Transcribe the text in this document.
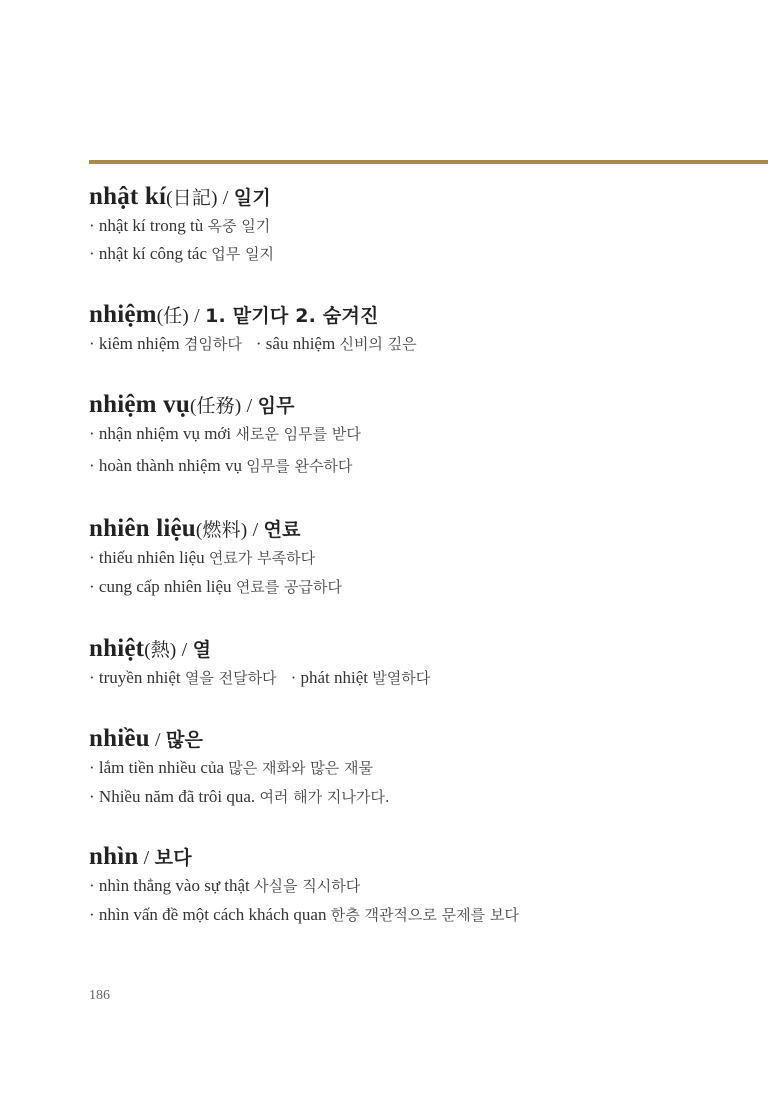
nhật kí(日記) / 일기
· nhật kí trong tù 옥중 일기
· nhật kí công tác 업무 일지
nhiệm(任) / 1. 맡기다 2. 숨겨진
· kiêm nhiệm 겸임하다 · sâu nhiệm 신비의 깊은
nhiệm vụ(任務) / 임무
· nhận nhiệm vụ mới 새로운 임무를 받다
· hoàn thành nhiệm vụ 임무를 완수하다
nhiên liệu(燃料) / 연료
· thiếu nhiên liệu 연료가 부족하다
· cung cấp nhiên liệu 연료를 공급하다
nhiệt(熱) / 열
· truyền nhiệt 열을 전달하다 · phát nhiệt 발열하다
nhiều / 많은
· lắm tiền nhiều của 많은 재화와 많은 재물
· Nhiều năm đã trôi qua. 여러 해가 지나가다.
nhìn / 보다
· nhìn thẳng vào sự thật 사실을 직시하다
· nhìn vấn đề một cách khách quan 한층 객관적으로 문제를 보다
186
